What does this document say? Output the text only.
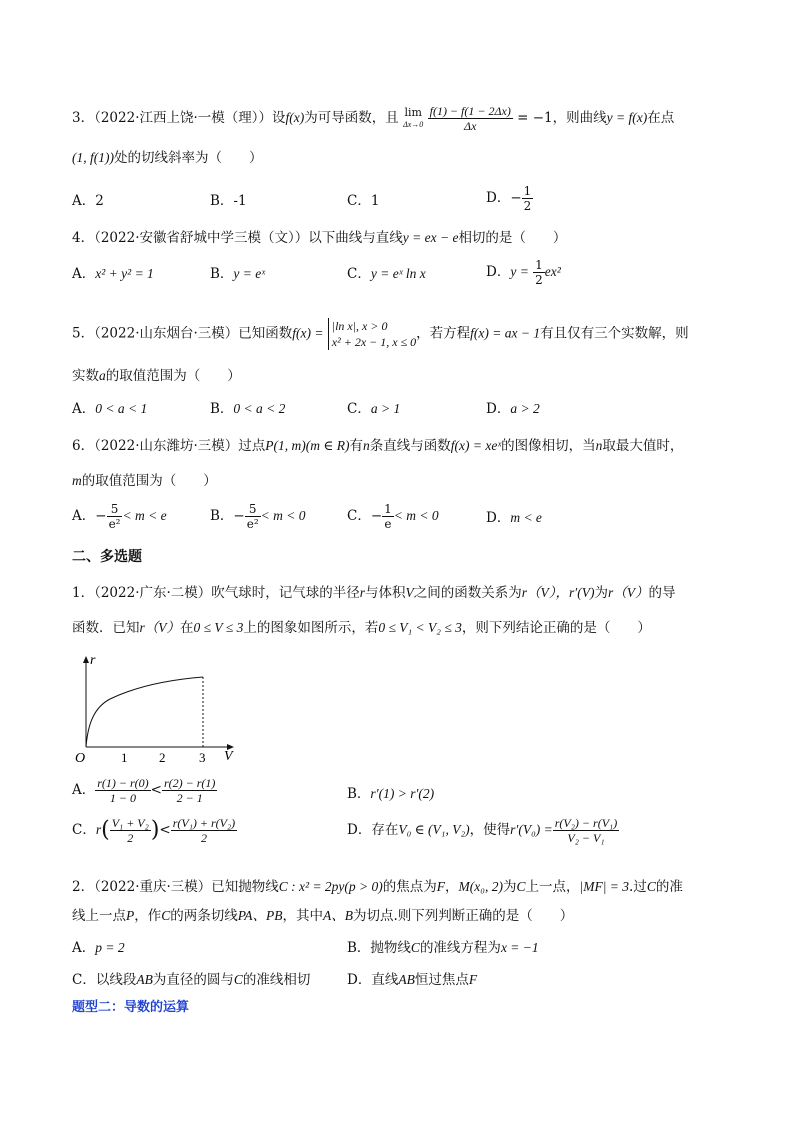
3．（2022·江西上饶·一模（理））设f(x)为可导函数，且 lim
Δx→0
$\frac{f(1) - f(1 - 2\Delta x)}{\Delta x} = -1$，则曲线y = f(x)在点
(1, f(1))处的切线斜率为（　　）
A．2	B．-1	C．1	D．− $\frac{1}{2}$
4．（2022·安徽省舒城中学三模（文））以下曲线与直线y = ex − e相切的是（　　）
A．x² + y² = 1	B．y = eˣ	C．y = eˣ ln x	D．$y = \frac{1}{2} ex^2$
5．（2022·山东烟台·三模）已知函数f(x) = |ln x|, x > 0
x² + 2x − 1, x ≤ 0
，若方程f(x) = ax − 1有且仅有三个实数解，则
实数a的取值范围为（　　）
A．0 < a < 1	B．0 < a < 2	C．a > 1	D．a > 2
6．（2022·山东潍坊·三模）过点P(1, m)(m ∈ R)有n条直线与函数f(x) = xeˣ的图像相切，当n取最大值时，
m的取值范围为（　　）
A．− $\frac{5}{\text{e²}} < m < e$	B．− $\frac{5}{\text{e²}} < m < 0$	C．− $\frac{1}{e} < m < 0$	D．m < e
二、多选题
1．（2022·广东·二模）吹气球时，记气球的半径r与体积V之间的函数关系为r（V），r′(V)为r（V）的导
函数．已知r（V）在0 ≤ V ≤ 3上的图象如图所示，若0 ≤ V₁ < V₂ ≤ 3，则下列结论正确的是（　　）
r
V
O	1 2	3
A． $\frac{r(1) - r(0)}{1 - 0} < \frac{r(2) - r(1)}{2 - 1}$	B．r′(1) > r′(2)
C．$r( \frac{\text{V₁ + V₂}}{2}$ )< $\frac{\text{r(V₁) + r(V₂)}}{2}$	D．存在V₀ ∈ (V₁, V₂)，使得$r'(V_0) = \frac{\text{r(V₂) − r(V₁)}}{\text{V₂ − V₁}}$
2．（2022·重庆·三模）已知抛物线C : x² = 2py(p > 0)的焦点为F，M(x₀, 2)为C上一点，|MF| = 3.过C的准
线上一点P，作C的两条切线PA、PB，其中A、B为切点.则下列判断正确的是（　　）
A．p = 2	B．抛物线C的准线方程为x = −1
C．以线段AB为直径的圆与C的准线相切	D．直线AB恒过焦点F
题型二：导数的运算
